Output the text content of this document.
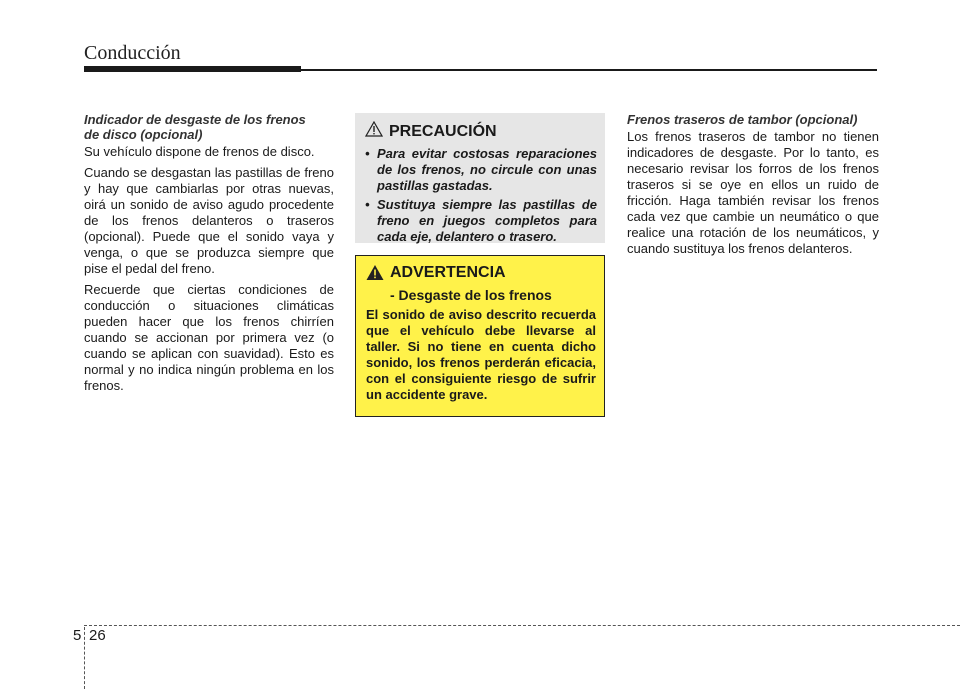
Conducción
Indicador de desgaste de los frenos
de disco (opcional)

Su vehículo dispone de frenos de disco.

Cuando se desgastan las pastillas de freno y hay que cambiarlas por otras nuevas, oirá un sonido de aviso agudo procedente de los frenos delanteros o traseros (opcional). Puede que el sonido vaya y venga, o que se produzca siempre que pise el pedal del freno.

Recuerde que ciertas condiciones de conducción o situaciones climáticas pueden hacer que los frenos chirríen cuando se accionan por primera vez (o cuando se aplican con suavidad). Esto es normal y no indica ningún problema en los frenos.

PRECAUCIÓN
• Para evitar costosas reparaciones de los frenos, no circule con unas pastillas gastadas.
• Sustituya siempre las pastillas de freno en juegos completos para cada eje, delantero o trasero.
ADVERTENCIA
- Desgaste de los frenos
El sonido de aviso descrito recuerda que el vehículo debe llevarse al taller. Si no tiene en cuenta dicho sonido, los frenos perderán eficacia, con el consiguiente riesgo de sufrir un accidente grave.
Frenos traseros de tambor (opcional)

Los frenos traseros de tambor no tienen indicadores de desgaste. Por lo tanto, es necesario revisar los forros de los frenos traseros si se oye en ellos un ruido de fricción. Haga también revisar los frenos cada vez que cambie un neumático o que realice una rotación de los neumáticos, y cuando sustituya los frenos delanteros.

5 26
